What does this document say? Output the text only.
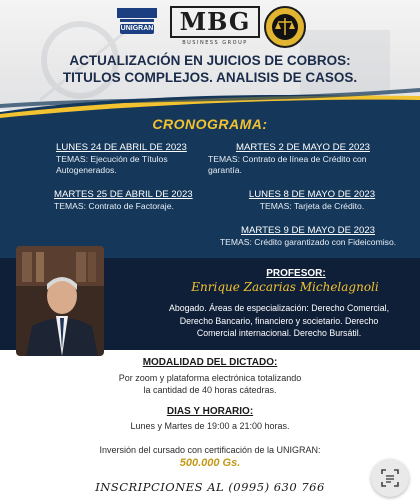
UNIGRAN	MBG
BUSINESS GROUP
ACTUALIZACIÓN EN JUICIOS DE COBROS:
TITULOS COMPLEJOS. ANALISIS DE CASOS.
CRONOGRAMA:
LUNES 24 DE ABRIL DE 2023
TEMAS: Ejecución de Títulos
Autogenerados.
MARTES 2 DE MAYO DE 2023
TEMAS: Contrato de línea de Crédito con
garantía.
MARTES 25 DE ABRIL DE 2023
TEMAS: Contrato de Factoraje.
LUNES 8 DE MAYO DE 2023
TEMAS: Tarjeta de Crédito.
MARTES 9 DE MAYO DE 2023
TEMAS: Crédito garantizado con Fideicomiso.
PROFESOR:
Enrique Zacarias Michelagnoli
Abogado. Áreas de especialización: Derecho Comercial,
Derecho Bancario, financiero y societario. Derecho
Comercial internacional. Derecho Bursátil.
MODALIDAD DEL DICTADO:
Por zoom y plataforma electrónica totalizando
la cantidad de 40 horas cátedras.
DIAS Y HORARIO:
Lunes y Martes de 19:00 a 21:00 horas.
Inversión del cursado con certificación de la UNIGRAN:
500.000 Gs.
INSCRIPCIONES AL (0995) 630 766
